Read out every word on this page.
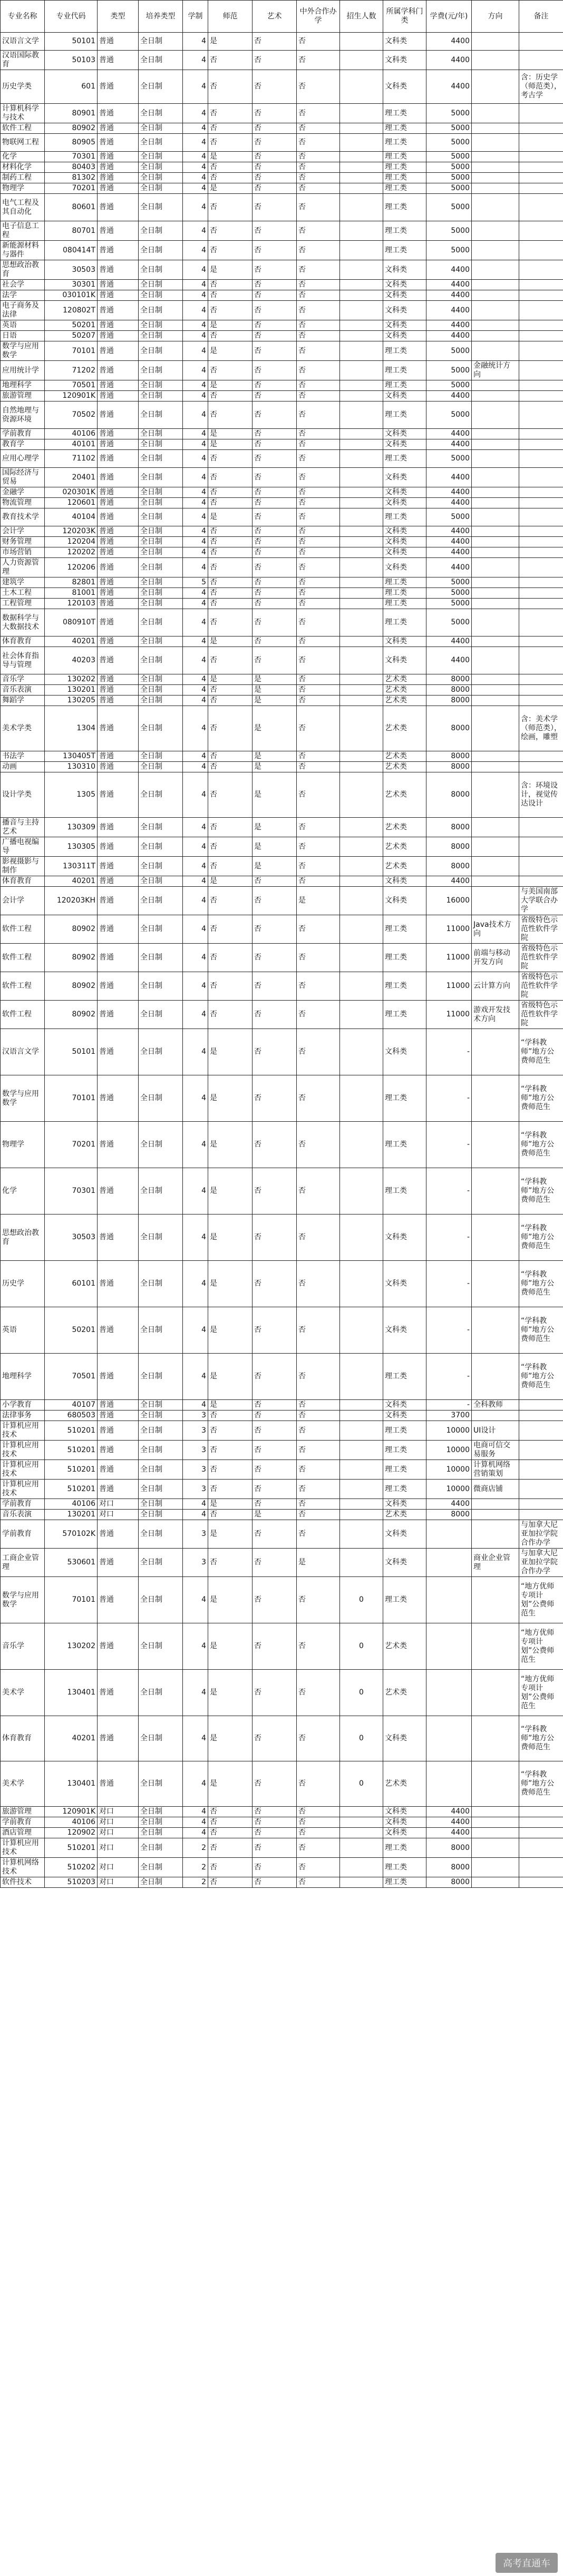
专业名称	专业代码	类型	培养类型	学制	师范	艺术	中外合作办学	招生人数	所属学科门类	学费(元/年)	方向	备注
汉语言文学	50101	普通	全日制	4	是	否	否		文科类	4400		
汉语国际教育	50103	普通	全日制	4	否	否	否		文科类	4400		
历史学类	601	普通	全日制	4	否	否	否		文科类	4400		含：历史学（师范类），考古学
计算机科学与技术	80901	普通	全日制	4	否	否	否		理工类	5000		
软件工程	80902	普通	全日制	4	否	否	否		理工类	5000		
物联网工程	80905	普通	全日制	4	否	否	否		理工类	5000		
化学	70301	普通	全日制	4	是	否	否		理工类	5000		
材料化学	80403	普通	全日制	4	否	否	否		理工类	5000		
制药工程	81302	普通	全日制	4	否	否	否		理工类	5000		
物理学	70201	普通	全日制	4	是	否	否		理工类	5000		
电气工程及其自动化	80601	普通	全日制	4	否	否	否		理工类	5000		
电子信息工程	80701	普通	全日制	4	否	否	否		理工类	5000		
新能源材料与器件	080414T	普通	全日制	4	否	否	否		理工类	5000		
思想政治教育	30503	普通	全日制	4	是	否	否		文科类	4400		
社会学	30301	普通	全日制	4	否	否	否		文科类	4400		
法学	030101K	普通	全日制	4	否	否	否		文科类	4400		
电子商务及法律	120802T	普通	全日制	4	否	否	否		文科类	4400		
英语	50201	普通	全日制	4	是	否	否		文科类	4400		
日语	50207	普通	全日制	4	否	否	否		文科类	4400		
数学与应用数学	70101	普通	全日制	4	是	否	否		理工类	5000		
应用统计学	71202	普通	全日制	4	否	否	否		理工类	5000	金融统计方向	
地理科学	70501	普通	全日制	4	是	否	否		理工类	5000		
旅游管理	120901K	普通	全日制	4	否	否	否		文科类	4400		
自然地理与资源环境	70502	普通	全日制	4	否	否	否		理工类	5000		
学前教育	40106	普通	全日制	4	是	否	否		文科类	4400		
教育学	40101	普通	全日制	4	是	否	否		文科类	4400		
应用心理学	71102	普通	全日制	4	否	否	否		理工类	5000		
国际经济与贸易	20401	普通	全日制	4	否	否	否		文科类	4400		
金融学	020301K	普通	全日制	4	否	否	否		文科类	4400		
物流管理	120601	普通	全日制	4	否	否	否		文科类	4400		
教育技术学	40104	普通	全日制	4	是	否	否		理工类	5000		
会计学	120203K	普通	全日制	4	否	否	否		文科类	4400		
财务管理	120204	普通	全日制	4	否	否	否		文科类	4400		
市场营销	120202	普通	全日制	4	否	否	否		文科类	4400		
人力资源管理	120206	普通	全日制	4	否	否	否		文科类	4400		
建筑学	82801	普通	全日制	5	否	否	否		理工类	5000		
土木工程	81001	普通	全日制	4	否	否	否		理工类	5000		
工程管理	120103	普通	全日制	4	否	否	否		理工类	5000		
数据科学与大数据技术	080910T	普通	全日制	4	否	否	否		理工类	5000		
体育教育	40201	普通	全日制	4	是	否	否		文科类	4400		
社会体育指导与管理	40203	普通	全日制	4	否	否	否		文科类	4400		
音乐学	130202	普通	全日制	4	是	是	否		艺术类	8000		
音乐表演	130201	普通	全日制	4	否	是	否		艺术类	8000		
舞蹈学	130205	普通	全日制	4	否	是	否		艺术类	8000		
美术学类	1304	普通	全日制	4	否	是	否		艺术类	8000		含：美术学（师范类），绘画，雕塑
书法学	130405T	普通	全日制	4	否	是	否		艺术类	8000		
动画	130310	普通	全日制	4	否	是	否		艺术类	8000		
设计学类	1305	普通	全日制	4	否	是	否		艺术类	8000		含：环境设计，视觉传达设计
播音与主持艺术	130309	普通	全日制	4	否	是	否		艺术类	8000		
广播电视编导	130305	普通	全日制	4	否	是	否		艺术类	8000		
影视摄影与制作	130311T	普通	全日制	4	否	是	否		艺术类	8000		
体育教育	40201	普通	全日制	4	是	否	否		文科类	4400		
会计学	120203KH	普通	全日制	4	否	否	是		文科类	16000		与美国南部大学联合办学
软件工程	80902	普通	全日制	4	否	否	否		理工类	11000	Java技术方向	省级特色示范性软件学院
软件工程	80902	普通	全日制	4	否	否	否		理工类	11000	前端与移动开发方向	省级特色示范性软件学院
软件工程	80902	普通	全日制	4	否	否	否		理工类	11000	云计算方向	省级特色示范性软件学院
软件工程	80902	普通	全日制	4	否	否	否		理工类	11000	游戏开发技术方向	省级特色示范性软件学院
汉语言文学	50101	普通	全日制	4	是	否	否		文科类	-		“学科教师”地方公费师范生
数学与应用数学	70101	普通	全日制	4	是	否	否		理工类	-		“学科教师”地方公费师范生
物理学	70201	普通	全日制	4	是	否	否		理工类	-		“学科教师”地方公费师范生
化学	70301	普通	全日制	4	是	否	否		理工类	-		“学科教师”地方公费师范生
思想政治教育	30503	普通	全日制	4	是	否	否		文科类	-		“学科教师”地方公费师范生
历史学	60101	普通	全日制	4	是	否	否		文科类	-		“学科教师”地方公费师范生
英语	50201	普通	全日制	4	是	否	否		文科类	-		“学科教师”地方公费师范生
地理科学	70501	普通	全日制	4	是	否	否		理工类	-		“学科教师”地方公费师范生
小学教育	40107	普通	全日制	4	是	否	否		文科类	-	全科教师	
法律事务	680503	普通	全日制	3	否	否	否		文科类	3700		
计算机应用技术	510201	普通	全日制	3	否	否	否		理工类	10000	UI设计	
计算机应用技术	510201	普通	全日制	3	否	否	否		理工类	10000	电商可信交易服务	
计算机应用技术	510201	普通	全日制	3	否	否	否		理工类	10000	计算机网络营销策划	
计算机应用技术	510201	普通	全日制	3	否	否	否		理工类	10000	微商店铺	
学前教育	40106	对口	全日制	4	是	否	否		文科类	4400		
音乐表演	130201	对口	全日制	4	否	是	否		艺术类	8000		
学前教育	570102K	普通	全日制	3	是	否	否		文科类			与加拿大尼亚加拉学院合作办学
工商企业管理	530601	普通	全日制	3	否	否	是		文科类		商业企业管理	与加拿大尼亚加拉学院合作办学
数学与应用数学	70101	普通	全日制	4	是	否	否	0	理工类			“地方优师专项计划”公费师范生
音乐学	130202	普通	全日制	4	是	否	否	0	艺术类			“地方优师专项计划”公费师范生
美术学	130401	普通	全日制	4	是	否	否	0	艺术类			“地方优师专项计划”公费师范生
体育教育	40201	普通	全日制	4	是	否	否	0	文科类			“学科教师”地方公费师范生
美术学	130401	普通	全日制	4	是	否	否	0	艺术类			“学科教师”地方公费师范生
旅游管理	120901K	对口	全日制	4	否	否	否		文科类	4400		
学前教育	40106	对口	全日制	4	否	否	否		文科类	4400		
酒店管理	120902	对口	全日制	4	否	否	否		文科类	4400		
计算机应用技术	510201	对口	全日制	2	否	否	否		理工类	8000		
计算机网络技术	510202	对口	全日制	2	否	否	否		理工类	8000		
软件技术	510203	对口	全日制	2	否	否	否		理工类	8000		
高考直通车
